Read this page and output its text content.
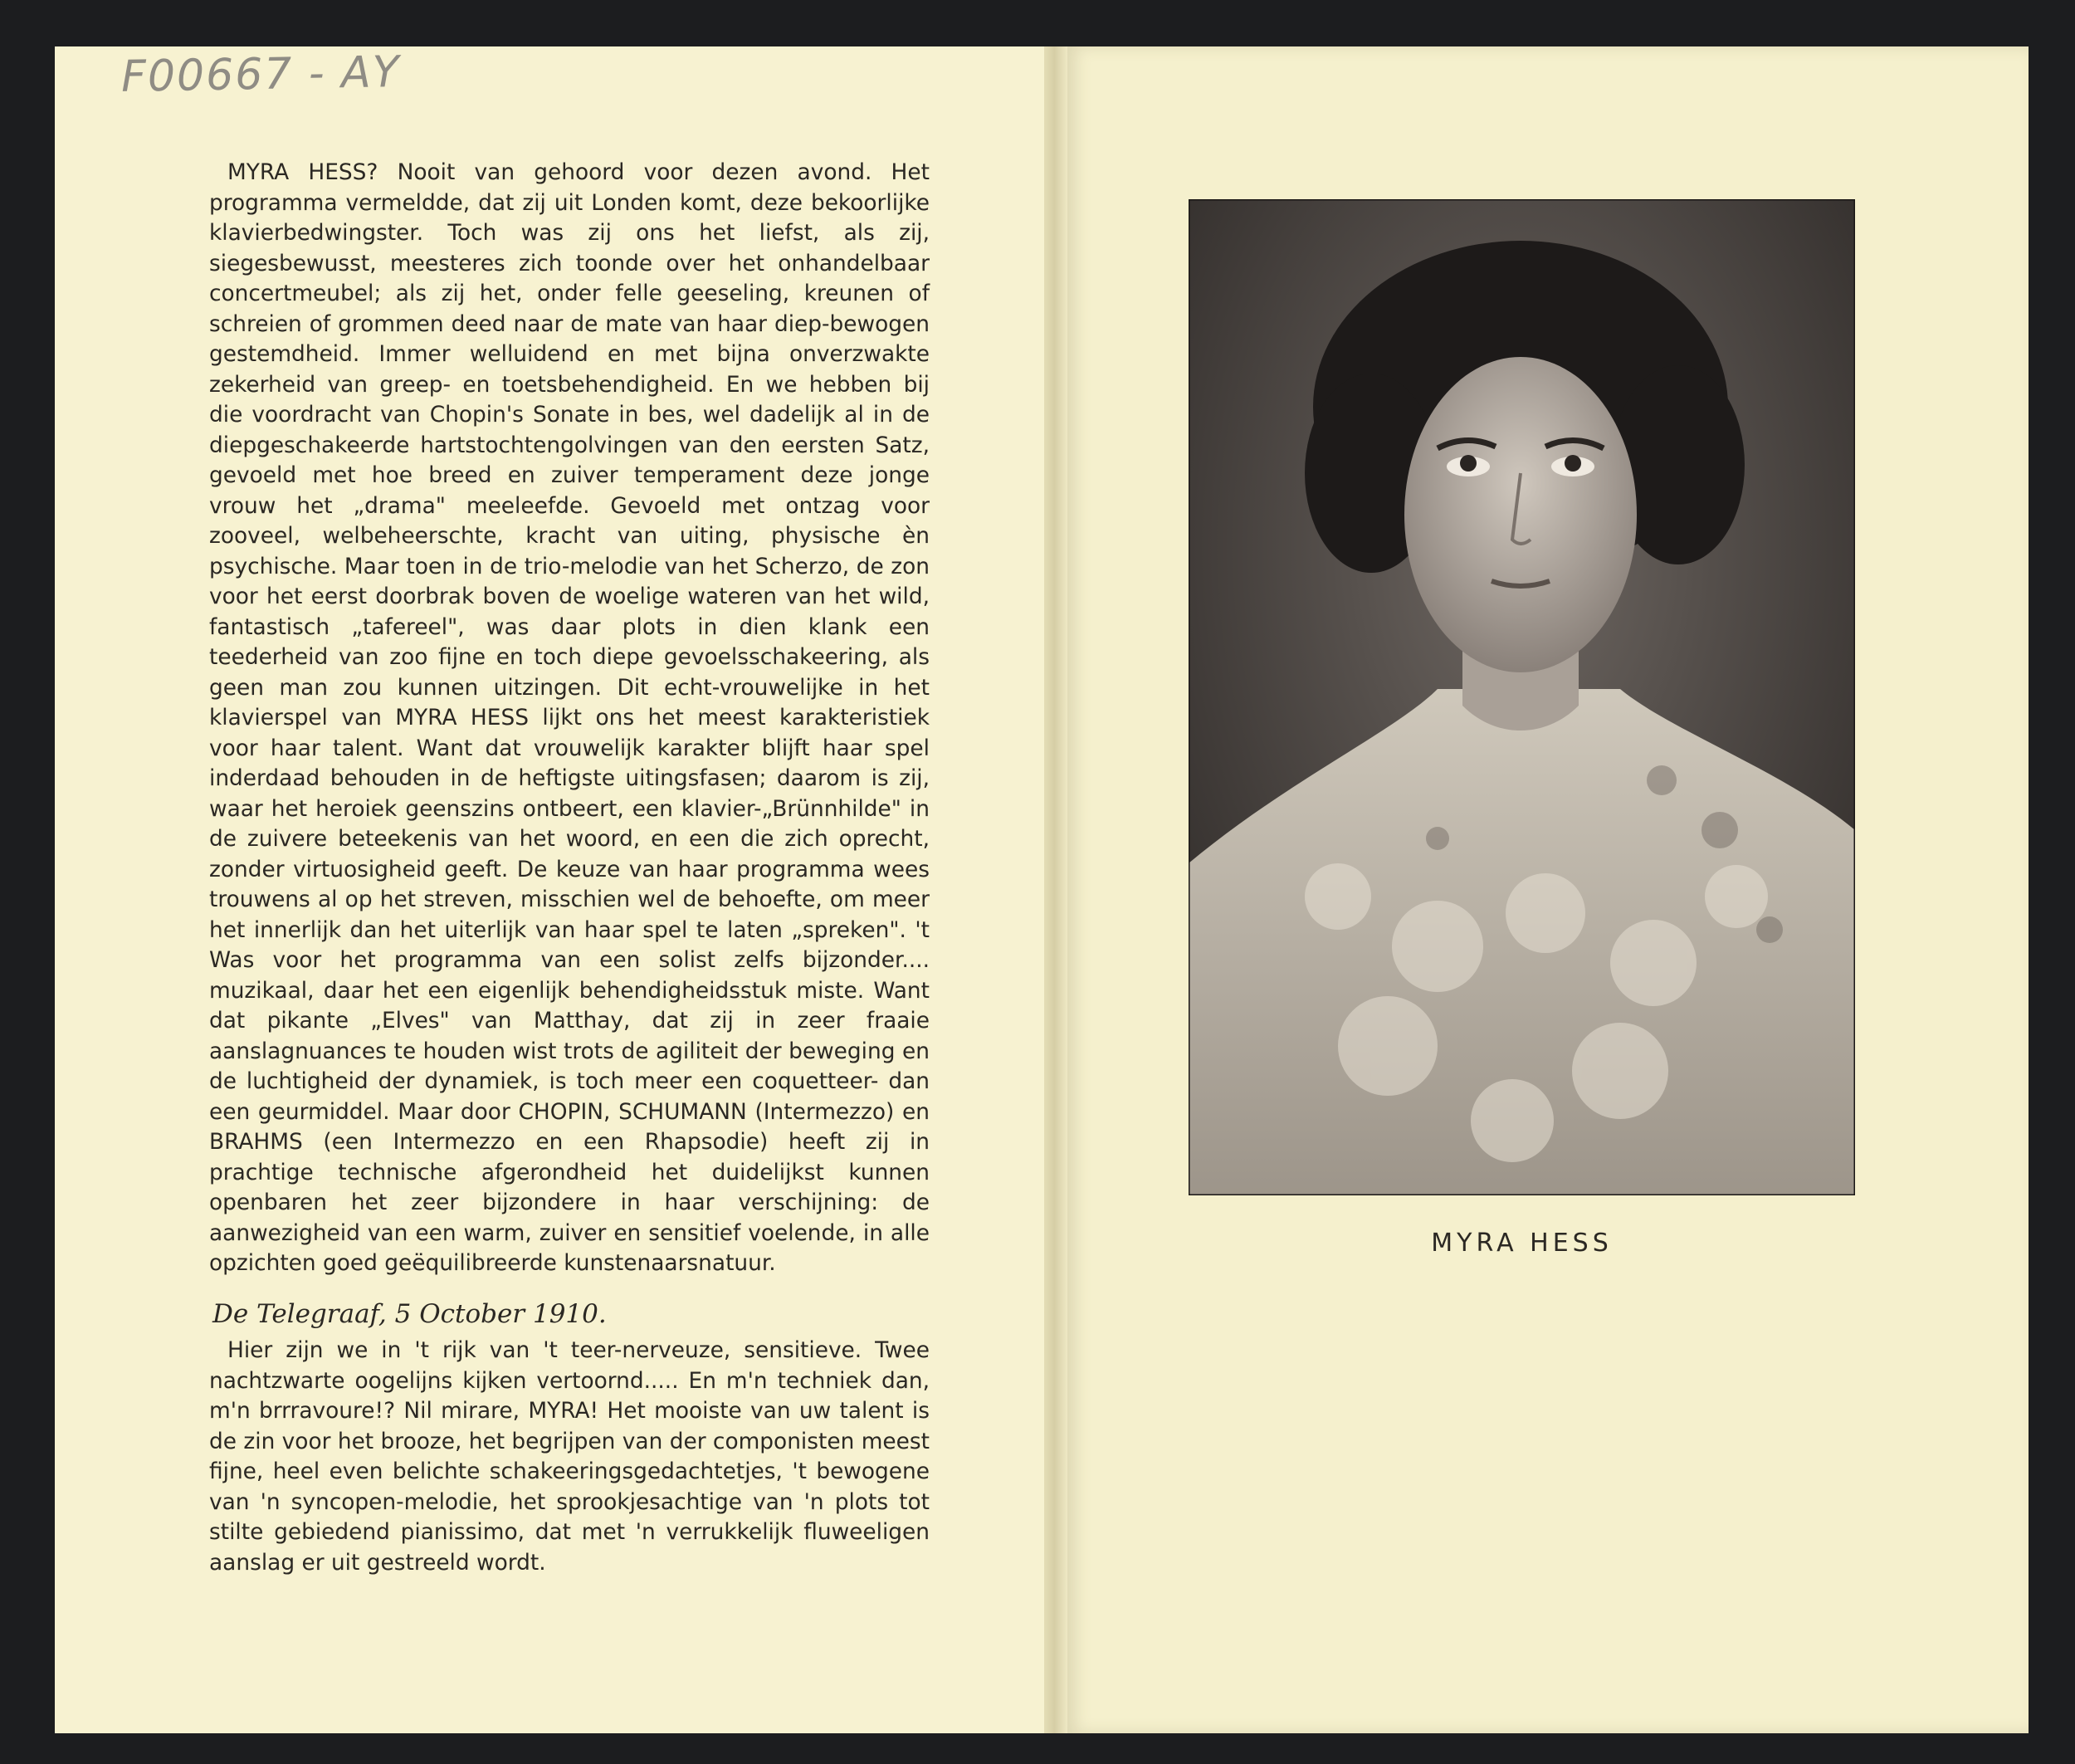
F00667 - AY

MYRA HESS? Nooit van gehoord voor dezen avond. Het programma vermeldde, dat zij uit Londen komt, deze bekoorlijke klavierbedwingster. Toch was zij ons het liefst, als zij, siegesbewusst, meesteres zich toonde over het onhandelbaar concertmeubel; als zij het, onder felle geeseling, kreunen of schreien of grommen deed naar de mate van haar diep-bewogen gestemdheid. Immer welluidend en met bijna onverzwakte zekerheid van greep- en toetsbehendigheid. En we hebben bij die voordracht van Chopin's Sonate in bes, wel dadelijk al in de diepgeschakeerde hartstochtengolvingen van den eersten Satz, gevoeld met hoe breed en zuiver temperament deze jonge vrouw het „drama" meeleefde. Gevoeld met ontzag voor zooveel, welbeheerschte, kracht van uiting, physische èn psychische. Maar toen in de trio-melodie van het Scherzo, de zon voor het eerst doorbrak boven de woelige wateren van het wild, fantastisch „tafereel", was daar plots in dien klank een teederheid van zoo fijne en toch diepe gevoelsschakeering, als geen man zou kunnen uitzingen. Dit echt-vrouwelijke in het klavierspel van MYRA HESS lijkt ons het meest karakteristiek voor haar talent. Want dat vrouwelijk karakter blijft haar spel inderdaad behouden in de heftigste uitingsfasen; daarom is zij, waar het heroiek geenszins ontbeert, een klavier-„Brünnhilde" in de zuivere beteekenis van het woord, en een die zich oprecht, zonder virtuosigheid geeft. De keuze van haar programma wees trouwens al op het streven, misschien wel de behoefte, om meer het innerlijk dan het uiterlijk van haar spel te laten „spreken". 't Was voor het programma van een solist zelfs bijzonder.... muzikaal, daar het een eigenlijk behendigheidsstuk miste. Want dat pikante „Elves" van Matthay, dat zij in zeer fraaie aanslagnuances te houden wist trots de agiliteit der beweging en de luchtigheid der dynamiek, is toch meer een coquetteer- dan een geurmiddel. Maar door CHOPIN, SCHUMANN (Intermezzo) en BRAHMS (een Intermezzo en een Rhapsodie) heeft zij in prachtige technische afgerondheid het duidelijkst kunnen openbaren het zeer bijzondere in haar verschijning: de aanwezigheid van een warm, zuiver en sensitief voelende, in alle opzichten goed geëquilibreerde kunstenaarsnatuur.

De Telegraaf, 5 October 1910.

Hier zijn we in 't rijk van 't teer-nerveuze, sensitieve. Twee nachtzwarte oogelijns kijken vertoornd..... En m'n techniek dan, m'n brrravoure!? Nil mirare, MYRA! Het mooiste van uw talent is de zin voor het brooze, het begrijpen van der componisten meest fijne, heel even belichte schakeeringsgedachtetjes, 't bewogene van 'n syncopen-melodie, het sprookjesachtige van 'n plots tot stilte gebiedend pianissimo, dat met 'n verrukkelijk fluweeligen aanslag er uit gestreeld wordt.

MYRA HESS
